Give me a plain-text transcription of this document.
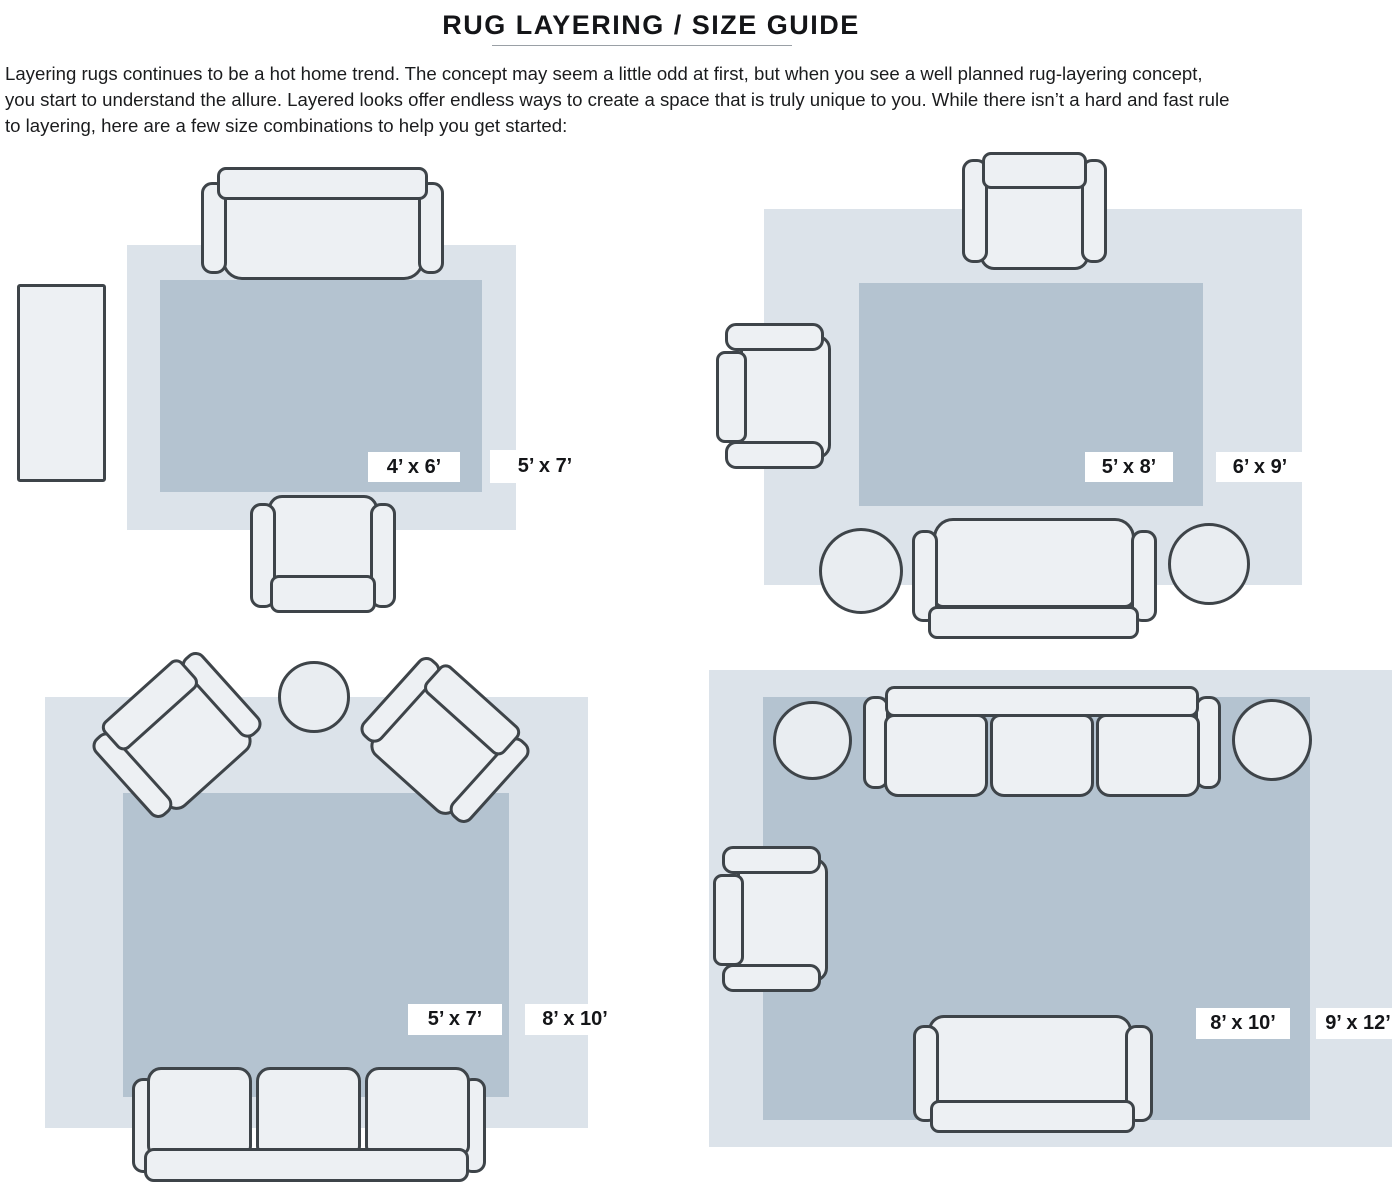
RUG LAYERING / SIZE GUIDE
Layering rugs continues to be a hot home trend. The concept may seem a little odd at first, but when you see a well planned rug-layering concept,
you start to understand the allure. Layered looks offer endless ways to create a space that is truly unique to you. While there isn’t a hard and fast rule
to layering, here are a few size combinations to help you get started:
4’ x 6’	5’ x 7’	5’ x 8’	6’ x 9’
5’ x 7’	8’ x 10’	8’ x 10’	9’ x 12’
